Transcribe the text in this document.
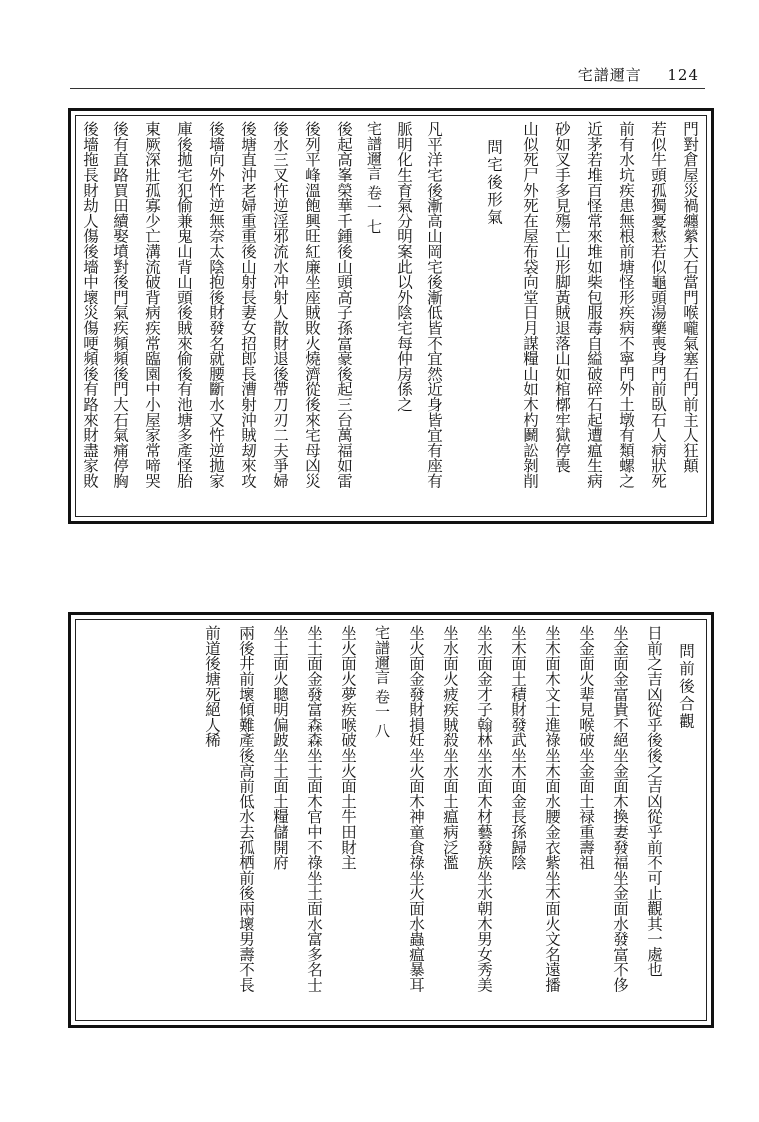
宅譜邇言 124
門對倉屋災禍纏縈大石當門喉嚨氣塞石門前主人狂顛
若似牛頭孤獨憂愁若似龜頭湯藥喪身門前臥石人病狀死
前有水坑疾患無根前塘怪形疾病不寧門外土墩有類螺之
近茅若堆百怪常來堆如柴包服毒自縊破碎石起遭瘟生病
砂如叉手多見殤亡山形脚黃賊退落山如棺槨牢獄停喪
山似死尸外死在屋布袋向堂日月謀糧山如木杓鬬訟剝削
問宅後形氣
凡平洋宅後漸高山岡宅後漸低皆不宜然近身皆宜有座有
脈明化生育氣分明案此以外陰宅每仲房係之
宅譜邇言 卷一 七
後起高峯榮華千鍾後山頭高子孫富豪後起三台萬福如雷
後列平峰溫飽興旺紅廉坐座賊敗火燒濟從後來宅母凶災
後水三叉忤逆淫邪流水冲射人散財退後帶刀刃二夫爭婦
後塘直沖老婦重重後山射長妻女招郎長漕射沖賊刼來攻
後墻向外忤逆無奈太陰抱後財發名就腰斷水又忤逆拋家
庫後拋宅犯偷兼鬼山背山頭後賊來偷後有池塘多產怪胎
東厥深壯孤寡少亡溝流破背病疾常臨園中小屋家常啼哭
後有直路買田續娶墳對後門氣疾頻頻後門大石氣痛停胸
後墻拖長財劫人傷後墻中壞災傷哽頻後有路來財盡家敗
問前後合觀
日前之吉凶從乎後後之吉凶從乎前不可止觀其一處也
坐金面金富貴不絕坐金面木換妻發福坐金面水發富不侈
坐金面火辈見喉破坐金面土禄重壽祖
坐木面木文士進祿坐木面水腰金衣紫坐木面火文名遠播
坐木面土積財發武坐木面金長孫歸陰
坐水面金才子翰林坐水面木材藝發族坐水朝木男女秀美
坐水面火疲疾賊殺坐水面土瘟病泛濫
坐火面金發財損妊坐火面木神童食祿坐火面水蟲瘟暴耳
宅譜邇言 卷一 八
坐火面火夢疾喉破坐火面土牛田財主
坐土面金發富森森坐土面木官中不祿坐土面水富多名士
坐土面火聰明偏跛坐土面土糧儲開府
兩後井前壞傾難產後高前低水去孤栖前後兩壞男壽不長
前道後塘死絕人稀
